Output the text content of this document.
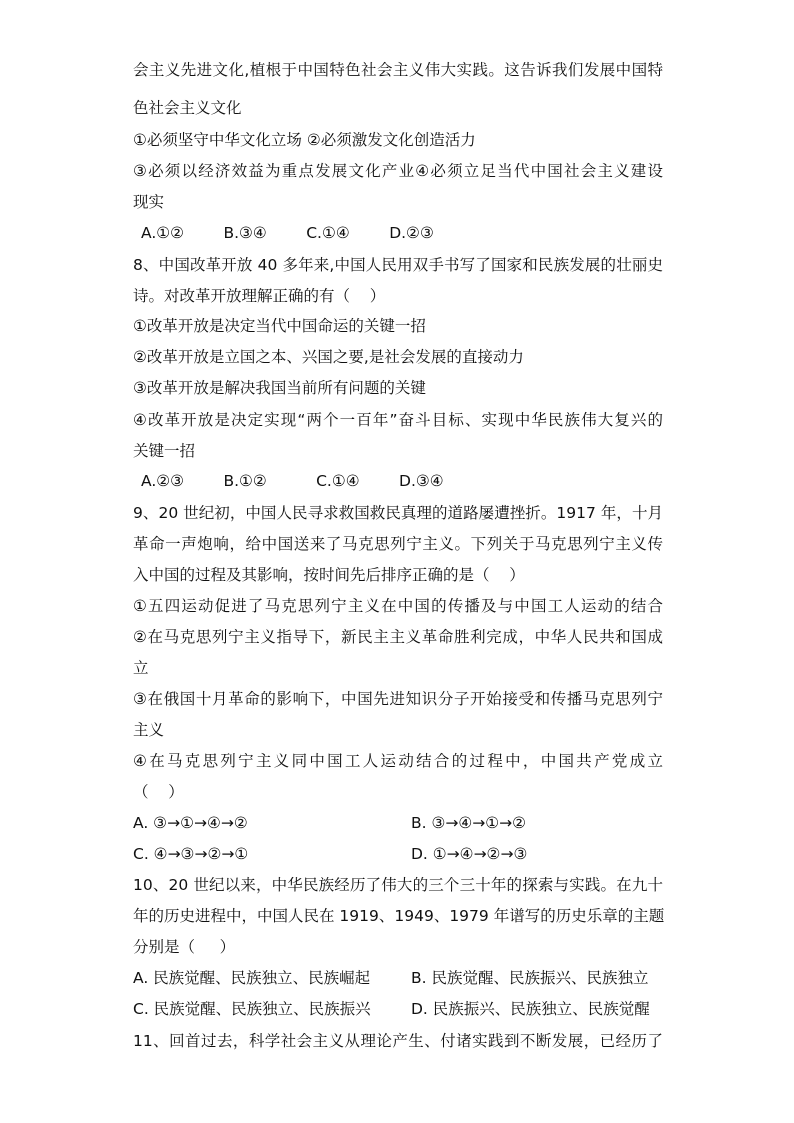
会主义先进文化,植根于中国特色社会主义伟大实践。这告诉我们发展中国特
色社会主义文化
①必须坚守中华文化立场 ②必须激发文化创造活力
③必须以经济效益为重点发展文化产业④必须立足当代中国社会主义建设
现实
A.①②        B.③④        C.①④        D.②③
8、中国改革开放 40 多年来,中国人民用双手书写了国家和民族发展的壮丽史
诗。对改革开放理解正确的有（    ）
①改革开放是决定当代中国命运的关键一招
②改革开放是立国之本、兴国之要,是社会发展的直接动力
③改革开放是解决我国当前所有问题的关键
④改革开放是决定实现“两个一百年”奋斗目标、实现中华民族伟大复兴的
关键一招
A.②③        B.①②          C.①④        D.③④
9、20 世纪初，中国人民寻求救国救民真理的道路屡遭挫折。1917 年，十月
革命一声炮响，给中国送来了马克思列宁主义。下列关于马克思列宁主义传
入中国的过程及其影响，按时间先后排序正确的是（    ）
①五四运动促进了马克思列宁主义在中国的传播及与中国工人运动的结合
②在马克思列宁主义指导下，新民主主义革命胜利完成，中华人民共和国成
立
③在俄国十月革命的影响下，中国先进知识分子开始接受和传播马克思列宁
主义
④在马克思列宁主义同中国工人运动结合的过程中，中国共产党成立
（    ）
A. ③→①→④→②	B. ③→④→①→②
C. ④→③→②→①	D. ①→④→②→③
10、20 世纪以来，中华民族经历了伟大的三个三十年的探索与实践。在九十
年的历史进程中，中国人民在 1919、1949、1979 年谱写的历史乐章的主题
分别是（     ）
A. 民族觉醒、民族独立、民族崛起	B. 民族觉醒、民族振兴、民族独立
C. 民族觉醒、民族独立、民族振兴	D. 民族振兴、民族独立、民族觉醒
11、回首过去，科学社会主义从理论产生、付诸实践到不断发展，已经历了
